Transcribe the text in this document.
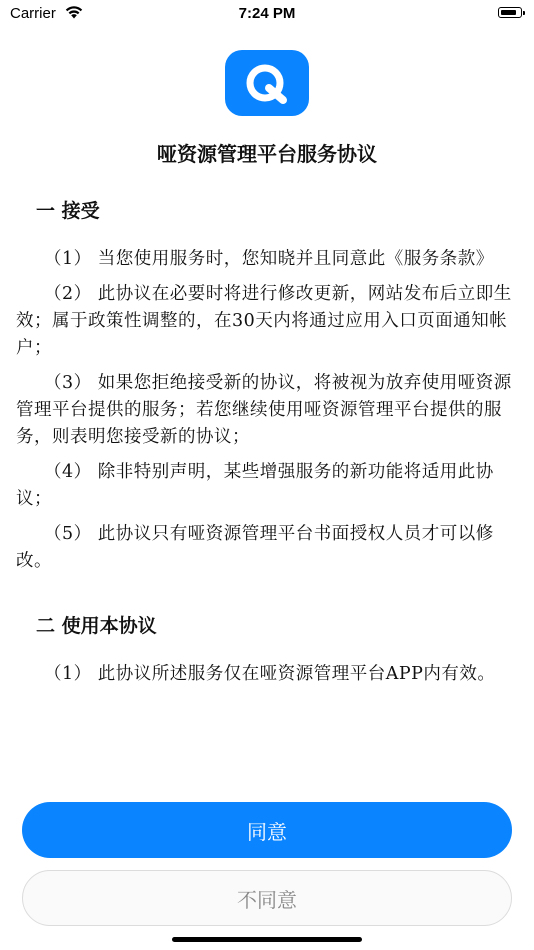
Carrier	7:24 PM
哑资源管理平台服务协议
一 接受

（1） 当您使用服务时，您知晓并且同意此《服务条款》

（2） 此协议在必要时将进行修改更新，网站发布后立即生效；属于政策性调整的，在30天内将通过应用入口页面通知帐户；

（3） 如果您拒绝接受新的协议，将被视为放弃使用哑资源管理平台提供的服务；若您继续使用哑资源管理平台提供的服务，则表明您接受新的协议；

（4） 除非特别声明，某些增强服务的新功能将适用此协议；

（5） 此协议只有哑资源管理平台书面授权人员才可以修改。

二 使用本协议

（1） 此协议所述服务仅在哑资源管理平台APP内有效。

同意
不同意
